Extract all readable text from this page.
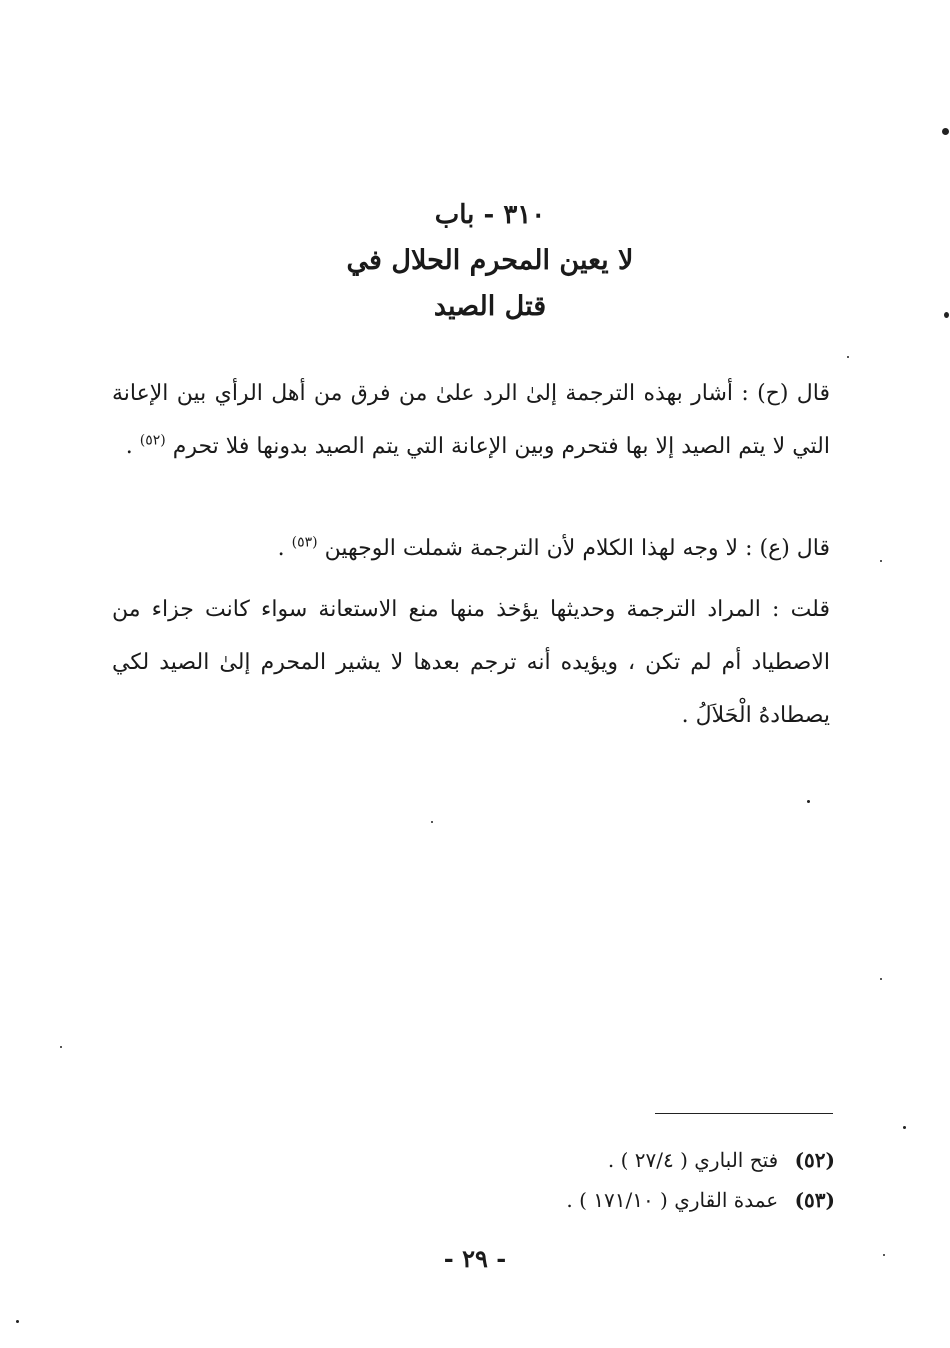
٣١٠ - باب
لا يعين المحرم الحلال في
قتل الصيد

قال (ح) : أشار بهذه الترجمة إلىٰ الرد علىٰ من فرق من أهل الرأي بين الإعانة التي لا يتم الصيد إلا بها فتحرم وبين الإعانة التي يتم الصيد بدونها فلا تحرم $^{(٥٢)}$ .

قال (ع) : لا وجه لهذا الكلام لأن الترجمة شملت الوجهين $^{(٥٣)}$ .

قلت : المراد الترجمة وحديثها يؤخذ منها منع الاستعانة سواء كانت جزاء من الاصطياد أم لم تكن ، ويؤيده أنه ترجم بعدها لا يشير المحرم إلىٰ الصيد لكي يصطادهُ الْحَلاَلُ .

(٥٢) فتح الباري ( ٢٧/٤ ) .
(٥٣) عمدة القاري ( ١٧١/١٠ ) .
- ٢٩ -
